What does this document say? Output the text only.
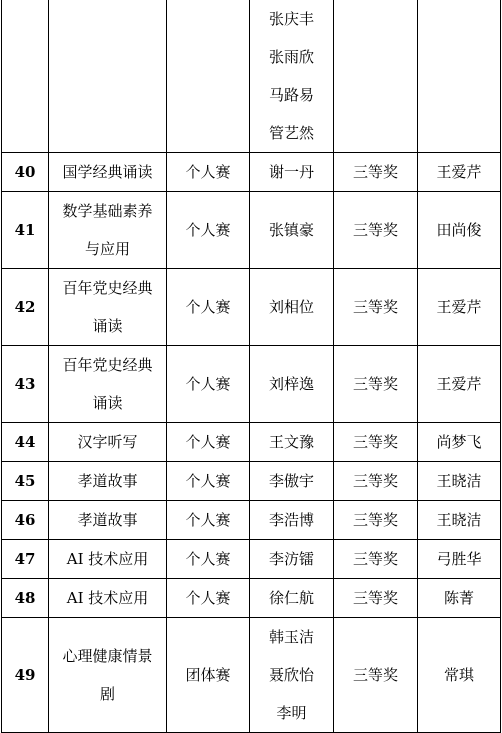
			张庆丰
张雨欣
马路易
管艺然		

40	国学经典诵读	个人赛	谢一丹	三等奖	王爱芹
41	数学基础素养
与应用	个人赛	张镇豪	三等奖	田尚俊
42	百年党史经典
诵读	个人赛	刘相位	三等奖	王爱芹
43	百年党史经典
诵读	个人赛	刘梓逸	三等奖	王爱芹
44	汉字听写	个人赛	王文豫	三等奖	尚梦飞
45	孝道故事	个人赛	李傲宇	三等奖	王晓洁
46	孝道故事	个人赛	李浩博	三等奖	王晓洁
47	AI 技术应用	个人赛	李汸镭	三等奖	弓胜华
48	AI 技术应用	个人赛	徐仁航	三等奖	陈菁
49	心理健康情景
剧	团体赛	韩玉洁
聂欣怡
李明	三等奖	常琪
